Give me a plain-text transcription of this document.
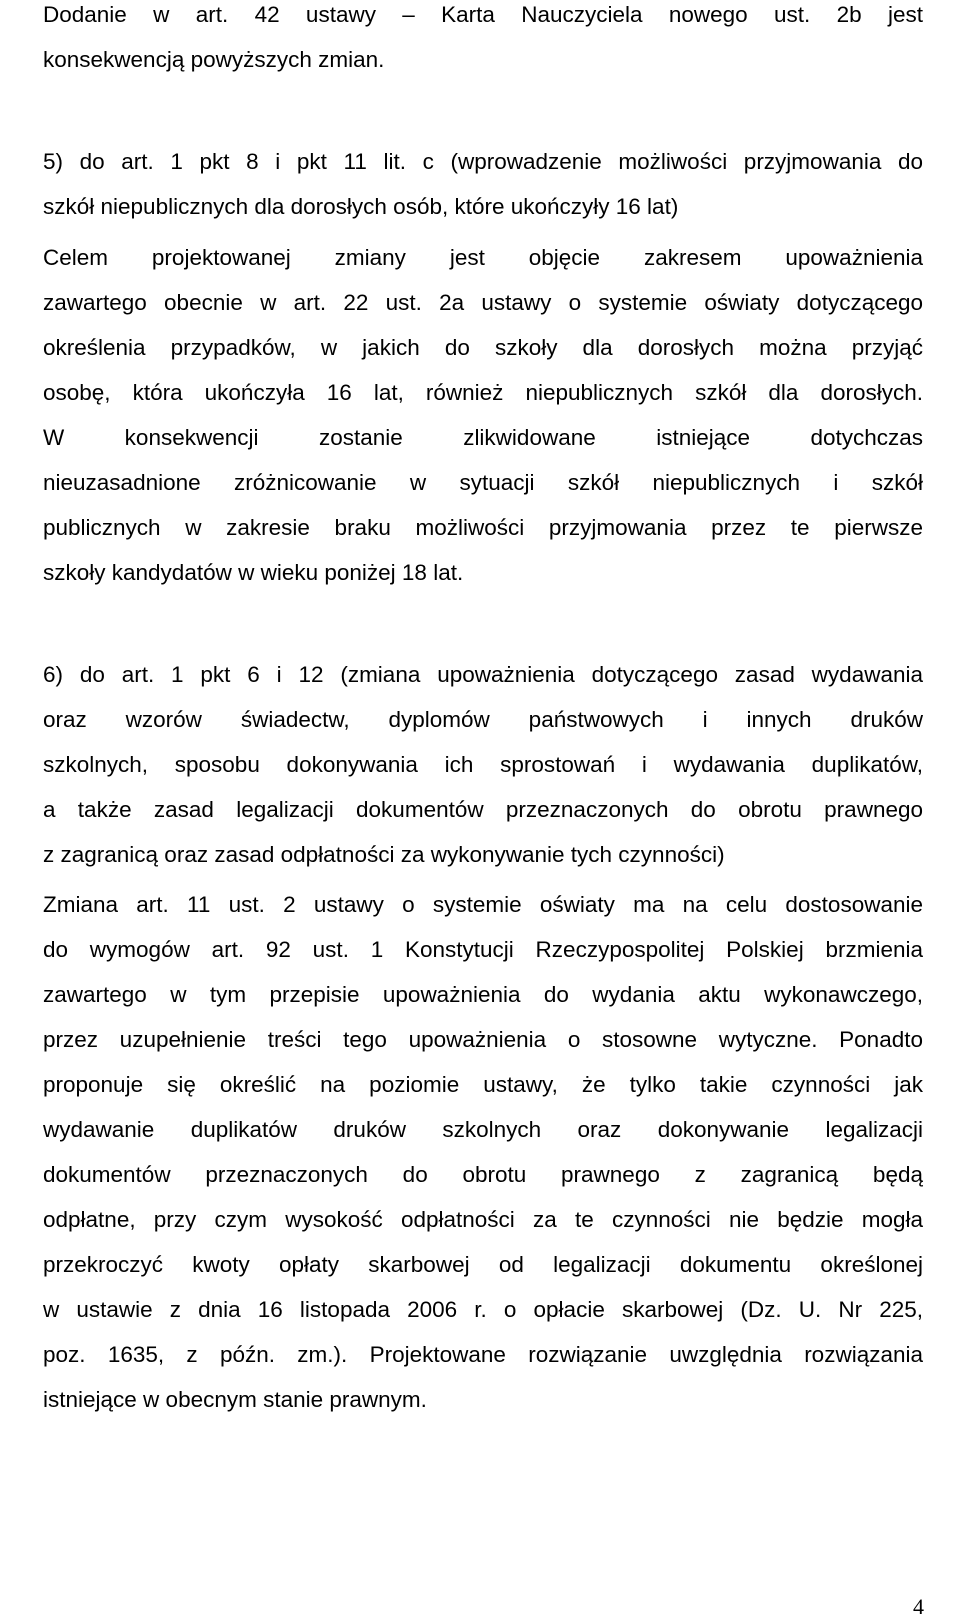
Dodanie w art. 42 ustawy – Karta Nauczyciela nowego ust. 2b jest
konsekwencją powyższych zmian.
5) do art. 1 pkt 8 i pkt 11 lit. c (wprowadzenie możliwości przyjmowania do
szkół niepublicznych dla dorosłych osób, które ukończyły 16 lat)
Celem projektowanej zmiany jest objęcie zakresem upoważnienia
zawartego obecnie w art. 22 ust. 2a ustawy o systemie oświaty dotyczącego
określenia przypadków, w jakich do szkoły dla dorosłych można przyjąć
osobę, która ukończyła 16 lat, również niepublicznych szkół dla dorosłych.
W konsekwencji zostanie zlikwidowane istniejące dotychczas
nieuzasadnione zróżnicowanie w sytuacji szkół niepublicznych i szkół
publicznych w zakresie braku możliwości przyjmowania przez te pierwsze
szkoły kandydatów w wieku poniżej 18 lat.
6) do art. 1 pkt 6 i 12 (zmiana upoważnienia dotyczącego zasad wydawania
oraz wzorów świadectw, dyplomów państwowych i innych druków
szkolnych, sposobu dokonywania ich sprostowań i wydawania duplikatów,
a także zasad legalizacji dokumentów przeznaczonych do obrotu prawnego
z zagranicą oraz zasad odpłatności za wykonywanie tych czynności)
Zmiana art. 11 ust. 2 ustawy o systemie oświaty ma na celu dostosowanie
do wymogów art. 92 ust. 1 Konstytucji Rzeczypospolitej Polskiej brzmienia
zawartego w tym przepisie upoważnienia do wydania aktu wykonawczego,
przez uzupełnienie treści tego upoważnienia o stosowne wytyczne. Ponadto
proponuje się określić na poziomie ustawy, że tylko takie czynności jak
wydawanie duplikatów druków szkolnych oraz dokonywanie legalizacji
dokumentów przeznaczonych do obrotu prawnego z zagranicą będą
odpłatne, przy czym wysokość odpłatności za te czynności nie będzie mogła
przekroczyć kwoty opłaty skarbowej od legalizacji dokumentu określonej
w ustawie z dnia 16 listopada 2006 r. o opłacie skarbowej (Dz. U. Nr 225,
poz. 1635, z późn. zm.). Projektowane rozwiązanie uwzględnia rozwiązania
istniejące w obecnym stanie prawnym.
4
